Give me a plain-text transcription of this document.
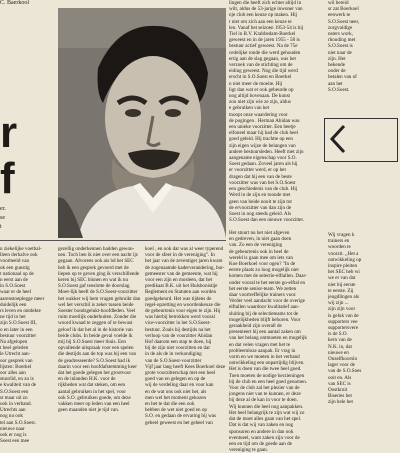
C. Baerkool
r
f
er.
se
t
lingen die heeft zich echter altijd in
wilt, aldus de 53-jarige inwoner van
nje club een keuze op maken. Hij
t niet om zich aan een keuze te
len. Vanaf het seizoen 1953-54 is hij
Tiel in B.V. Krabbedam-Boerkel
geweest en in de jaren 1955 - 58 is
bestuur actief geweest. Na de 75e
cedelijke ronde die werd gehouden
ertig aan de slag gegaan, was het
verzoek van de stichting om de
eiding geweest. Nog die tijd werd
erscht in S.O.Soest en Boerkel
n niet meer de moeite. Hij
ligt dan wat er ook gebeurde op
nog altijd bovenaan. De kunst
zou niet zijn wie ze zijn, aldus
e gebruiken van het
tnoopt onze waardering voor
de pogingen . Herman Ahidan was
een unieke voorzitter. Een beetje
elfoneel maar hij had de club heel
goed geleid. Hij trachtte op een
zijn eigen wijze de belangen van
andere bestuursleden. Heeft met zijn
aangename eigenschap voor S.O.
Soest gedaan. Zoveel jaren als hij
er voorzitter werd, er op het
dragen dat hij een van de beste
voorzitter was van het S.O.Soest
een geschiedenis van de club. Hij
Werd in de zijn en toonde met
geen van beide nooit te zijn tot
de ervoorzitter van dan zijn de
Soest in nog steeds geleid. Als
S.O.Soest dan een nieuwe voorzitter.
Het stuurt nu het niet afgeven
en gedreven, in niet gaan doen
van. Zo een de vereniging
de gebeurtenis ook in heel de
wereld is gaan mee om iets van
Koe Boerkoel voor ogen? "In de
eerste plaats zo loog mogelijk niet
komen met de selectie-elftallen. Daar-
onder vooral te het eerste go-elftal en
het eerste senior-team. We zetten
daar voortreffelijke trainers voor.
Verder veel aandacht voor de overige
elftallen waardoor kwalitatief aan-
sluiting bij de selectieteams tot de
mogelijkheden blijft behoren. Voor
geraakheid zijn overall de
presenteert hij een aantal zaken om
van het belang ontmoeten en mogelijk
en dat velen vragen met het te
probleemloze aanpak. Er vrag in
vorm en we moeten in het verband
ontwikkeling een onpartijdig blijven.
Het is doen van die twee heel goed.
Toen moeten de nodige herzieningen
bij de club en een heel goed genomen.
Voor de club zal het plezier van de
jongens niet van te kunnen, er deze
bij deze al de kan in voor te doen.
Wij kunnen die heel nog aanpakken.
Het heel belangrijk te zijn wat wij zo
dat de moet alles gaan van het spel.
Dat is dat wij van zaken en nog
sponsoren en andere in dan ook
eventueel, want zaken zijn voor de
een en tijd om de goede aan de
vereniging te gaan.
wil bereid
sr zat Boerkoel
eenwerk te
S.O.Soest neer,
zorgvuldige
nsters work,
rhouding met
S.O.Soest is
niet naar de
zijn. Het
bekende
onder de
betalen van of
aan het
S.O.Soest.
Wij vragen k
trainers en
woorden te
voorzit. ,,Het a
ontwikkeling op
inspire pleiten
het SEC heb wi
we er van dat
niet bij eerste
te eerste. Zij
jeugdlingen als
wij zijn ...
zijn zijn voor
is geluk van de
supporters vee
supportersvere
is de S.O.
kern van de
N.K. in, dat
nieuwe en
Onzelfkoorslo
lager voor de
van de S.O.Soes
ooit en. Als
van SEC is
Oostkruit
Biseries het
zijn hele het
n ziekelijke voetbal-
lleen derhalve ook
voorbeeld van
ok een gunstig
t nationaal op de
n eerst aan de
in S.O.Soest
waar er de heel
aarenstoeplegge meer
duidelijk een
rs leven en ontdekte
ne tijd in het
zijn S.O.Soest III,
o en later in een
bestuur voorzitter
Na afgelopen
t heel geleden
le Utrecht aan-
oor gesprek van
lijsten: Boerkel
oor alles aan
stuurlid, en zo is
e kwaliteit van de
S.O.Soest een
st maar uit zo
ook in verband.
Utrechts aan
nog nu ook
tel aan S.O.Soest.
nieuwe naar
ook er nog is
Soest een mee
gezellig onderkennen hadden gewon-
nen. Toch ben ik niet over een nacht ijs
gegaan. Alvorens ook ais bd het SEC
heb ik een gesprek gevoerd met de
liepen op te geven ging ik verschillende
keren bij SEC binnen en wat ik nu
S.O.Soest gaf tenslotte de doorslag.
Moet-lijk heeft de S.O.Soest-voorzitter
het wakker wij hem vragen gebruikt dan
wel het verschil is zeker tussen beide
Soester bondsgelukt-hoofdleden. Veel
ruim moeilijk onderhuiten. Zonder die
woord kwaad te zeggen of te bewust
geloof ik dat het al in de historie van
beide clubs. In beide geval voelde ik
mij bij S.O.Soest meer thuis. Een
opvallende uitspraak voor een spelen
die destijds aan de top was bij een van
de geadresseerde? S.O.Soest had ik
daarin voor een hoofdafstemming keer
dat het goede gelegen het grootvoor
en de inlanden H.K. voor de
rijkheden wat dat steken, om een
aantal gebruiken in het spel, voor
ook S.O. gebruiken goede, om deze
vakken meer op leden van een heel
geen maanden niet je tijd van.
koel , en ook dat was al weer typerend
voor de sfeer in de vereniging". In
het jaar van de zeventiger jaren kwam
de zogenaamde kaderverandering, bur-
gemeester van de gemeente, wat hij
voor een zijn en mosleen, dat het
predikaat B.K. uit het Hulsbonistije
Reglement en Statuten aan worden
goedgekeurd. Het was tijdens de
regel-opzetting en woordenkeuze die
de gebeurtenis voor eigen te zijn. Hij
was hierbij betrokken werd vooral
vice-voorzitter in het S.O.Soest-
bestuur. Zoals hij destijds na het
verloop van de voorzitter Ahidan
Hof daarom een stap te doen, hij
bij de zijn niet voorzitten en dat
in de als de in verkondiging
van de S.O.Soest-voorzitter
Vijf jaar lang heeft Kees Boerkoel deze
grote voorzitterschap met een heel
goed van en gelegen en op de
wij de verdeling daar en voor kan
en de wat ons ook niet het, als
men wel het moment gekozen
en het te dat die een ook
hebben de wet niet goed en op
S.O. en gedaan de ervaring hij was
geheel geweest en het geheel van
